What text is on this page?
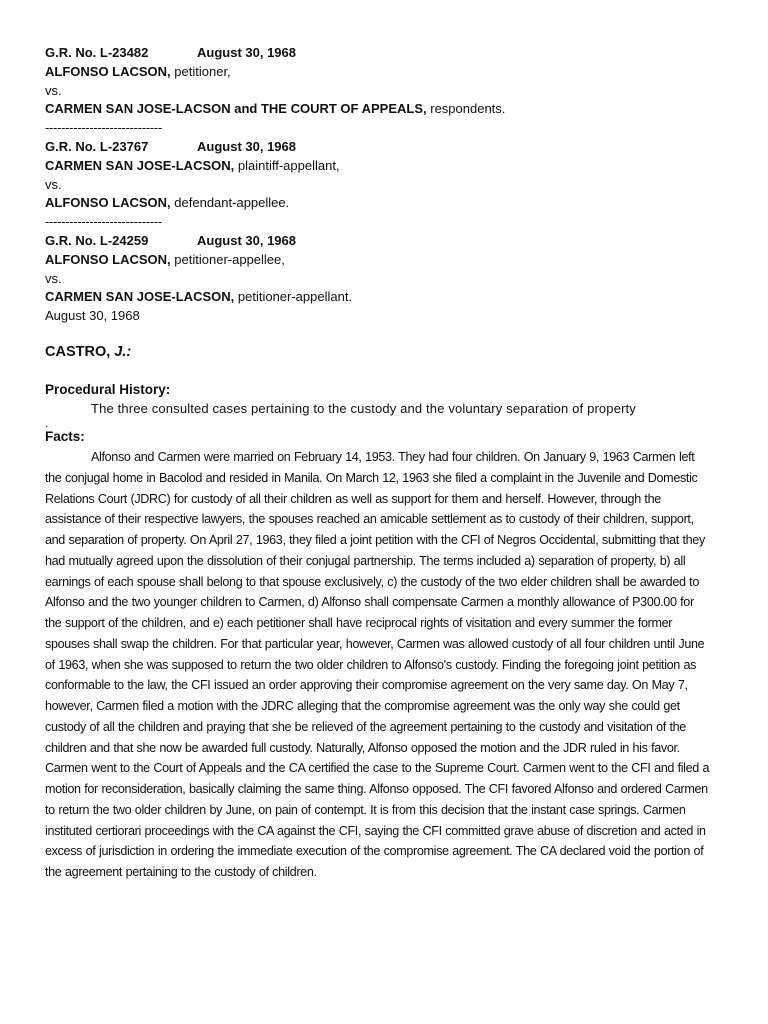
G.R. No. L-23482	August 30, 1968
ALFONSO LACSON, petitioner,
vs.
CARMEN SAN JOSE-LACSON and THE COURT OF APPEALS, respondents.
-----------------------------
G.R. No. L-23767	August 30, 1968
CARMEN SAN JOSE-LACSON, plaintiff-appellant,
vs.
ALFONSO LACSON, defendant-appellee.
-----------------------------
G.R. No. L-24259	August 30, 1968
ALFONSO LACSON, petitioner-appellee,
vs.
CARMEN SAN JOSE-LACSON, petitioner-appellant.
August 30, 1968
CASTRO, J.:
Procedural History:
The three consulted cases pertaining to the custody and the voluntary separation of property
.
Facts:
Alfonso and Carmen were married on February 14, 1953. They had four children. On January 9, 1963 Carmen left the conjugal home in Bacolod and resided in Manila. On March 12, 1963 she filed a complaint in the Juvenile and Domestic Relations Court (JDRC) for custody of all their children as well as support for them and herself. However, through the assistance of their respective lawyers, the spouses reached an amicable settlement as to custody of their children, support, and separation of property. On April 27, 1963, they filed a joint petition with the CFI of Negros Occidental, submitting that they had mutually agreed upon the dissolution of their conjugal partnership. The terms included a) separation of property, b) all earnings of each spouse shall belong to that spouse exclusively, c) the custody of the two elder children shall be awarded to Alfonso and the two younger children to Carmen, d) Alfonso shall compensate Carmen a monthly allowance of P300.00 for the support of the children, and e) each petitioner shall have reciprocal rights of visitation and every summer the former spouses shall swap the children. For that particular year, however, Carmen was allowed custody of all four children until June of 1963, when she was supposed to return the two older children to Alfonso's custody. Finding the foregoing joint petition as conformable to the law, the CFI issued an order approving their compromise agreement on the very same day. On May 7, however, Carmen filed a motion with the JDRC alleging that the compromise agreement was the only way she could get custody of all the children and praying that she be relieved of the agreement pertaining to the custody and visitation of the children and that she now be awarded full custody. Naturally, Alfonso opposed the motion and the JDR ruled in his favor. Carmen went to the Court of Appeals and the CA certified the case to the Supreme Court. Carmen went to the CFI and filed a motion for reconsideration, basically claiming the same thing. Alfonso opposed. The CFI favored Alfonso and ordered Carmen to return the two older children by June, on pain of contempt. It is from this decision that the instant case springs. Carmen instituted certiorari proceedings with the CA against the CFI, saying the CFI committed grave abuse of discretion and acted in excess of jurisdiction in ordering the immediate execution of the compromise agreement. The CA declared void the portion of the agreement pertaining to the custody of children.
